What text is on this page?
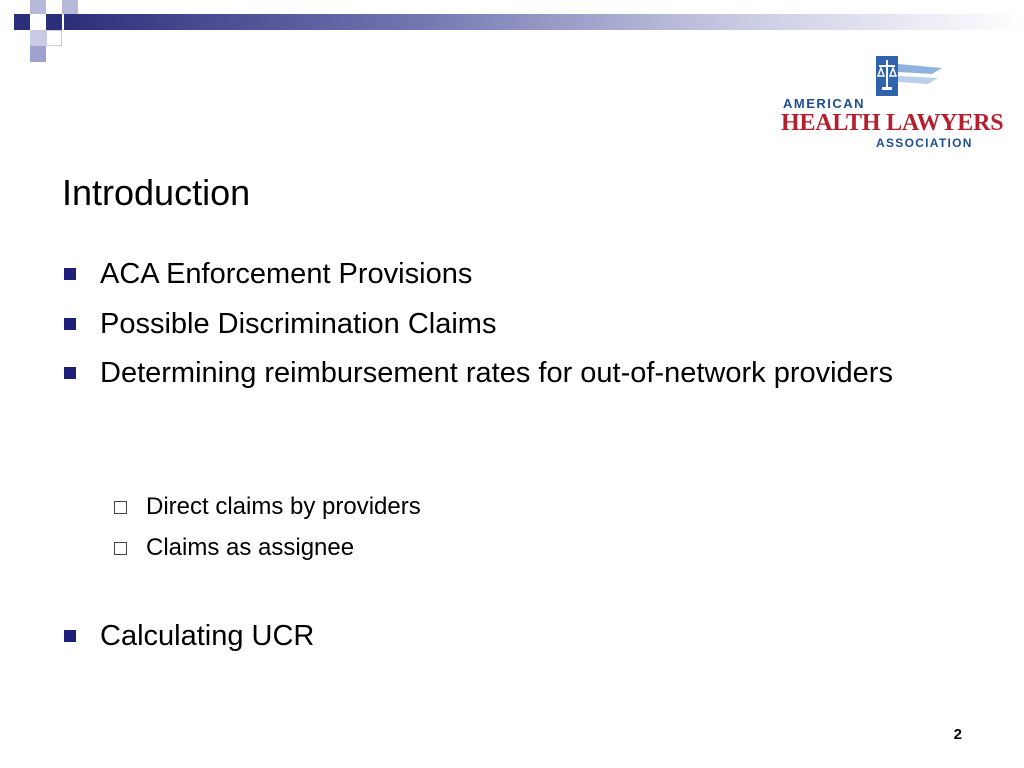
AMERICAN
HEALTH LAWYERS
ASSOCIATION
Introduction
ACA Enforcement Provisions
Possible Discrimination Claims
Determining reimbursement rates for out-of-network providers
Direct claims by providers
Claims as assignee
Calculating UCR
2
